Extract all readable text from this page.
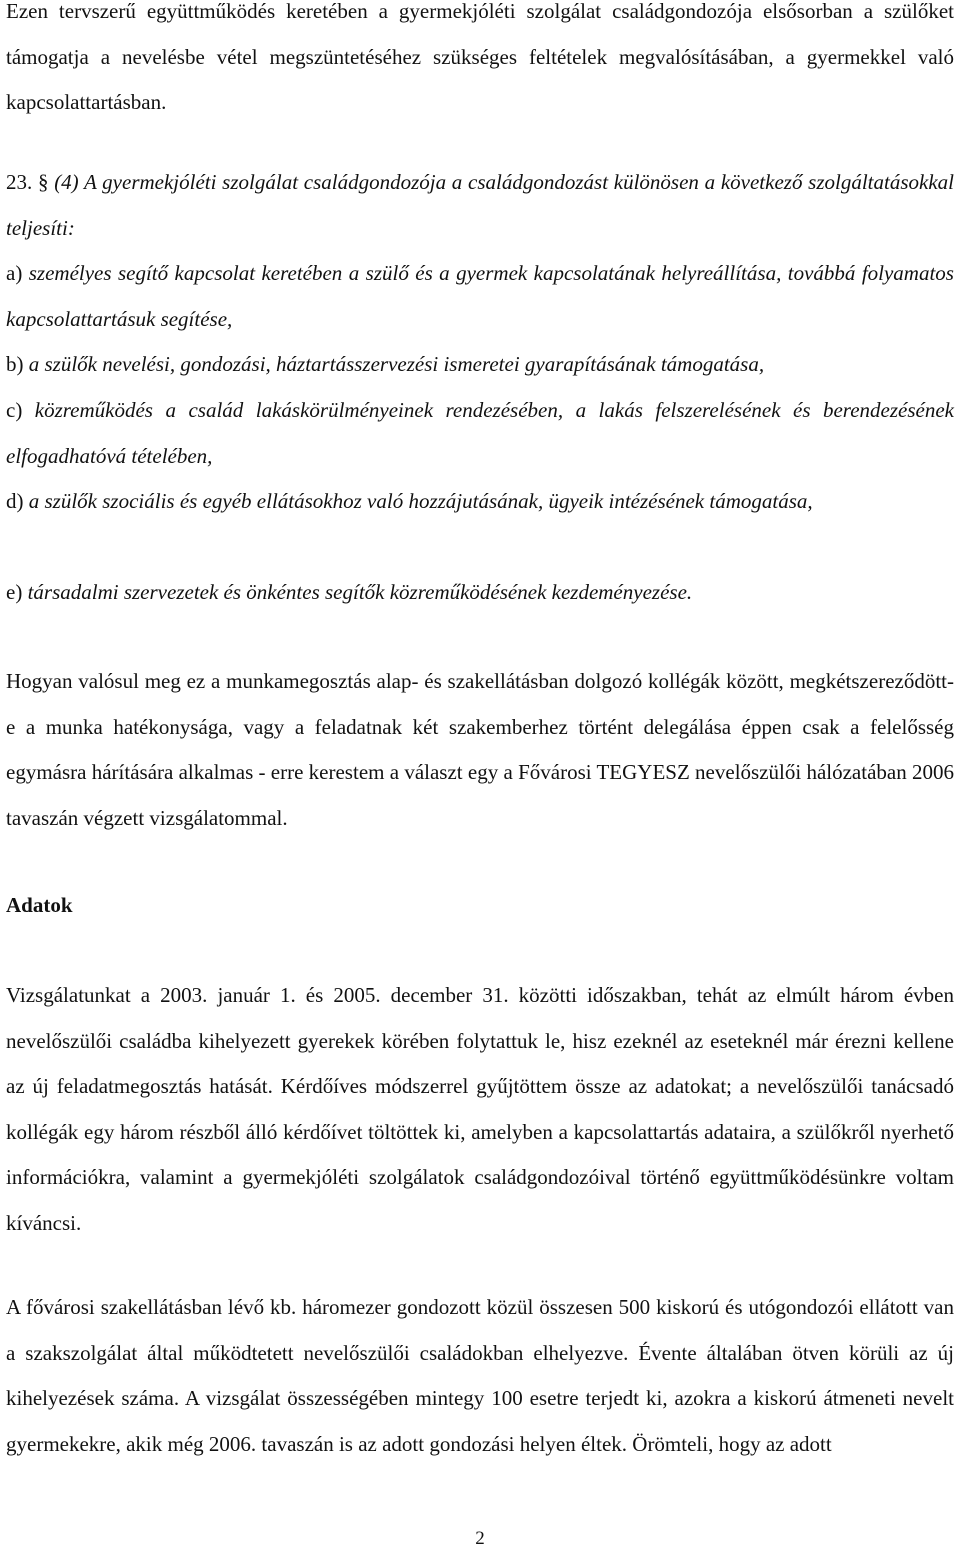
Ezen tervszerű együttműködés keretében a gyermekjóléti szolgálat családgondozója elsősorban a szülőket támogatja a nevelésbe vétel megszüntetéséhez szükséges feltételek megvalósításában, a gyermekkel való kapcsolattartásban.

23. § (4) A gyermekjóléti szolgálat családgondozója a családgondozást különösen a következő szolgáltatásokkal teljesíti:

a) személyes segítő kapcsolat keretében a szülő és a gyermek kapcsolatának helyreállítása, továbbá folyamatos kapcsolattartásuk segítése,

b) a szülők nevelési, gondozási, háztartásszervezési ismeretei gyarapításának támogatása,

c) közreműködés a család lakáskörülményeinek rendezésében, a lakás felszerelésének és berendezésének elfogadhatóvá tételében,

d) a szülők szociális és egyéb ellátásokhoz való hozzájutásának, ügyeik intézésének támogatása,

e) társadalmi szervezetek és önkéntes segítők közreműködésének kezdeményezése.

Hogyan valósul meg ez a munkamegosztás alap- és szakellátásban dolgozó kollégák között, megkétszereződött-e a munka hatékonysága, vagy a feladatnak két szakemberhez történt delegálása éppen csak a felelősség egymásra hárítására alkalmas - erre kerestem a választ egy a Fővárosi TEGYESZ nevelőszülői hálózatában 2006 tavaszán végzett vizsgálatommal.

Adatok

Vizsgálatunkat a 2003. január 1. és 2005. december 31. közötti időszakban, tehát az elmúlt három évben nevelőszülői családba kihelyezett gyerekek körében folytattuk le, hisz ezeknél az eseteknél már érezni kellene az új feladatmegosztás hatását. Kérdőíves módszerrel gyűjtöttem össze az adatokat; a nevelőszülői tanácsadó kollégák egy három részből álló kérdőívet töltöttek ki, amelyben a kapcsolattartás adataira, a szülőkről nyerhető információkra, valamint a gyermekjóléti szolgálatok családgondozóival történő együttműködésünkre voltam kíváncsi.

A fővárosi szakellátásban lévő kb. háromezer gondozott közül összesen 500 kiskorú és utógondozói ellátott van a szakszolgálat által működtetett nevelőszülői családokban elhelyezve. Évente általában ötven körüli az új kihelyezések száma. A vizsgálat összességében mintegy 100 esetre terjedt ki, azokra a kiskorú átmeneti nevelt gyermekekre, akik még 2006. tavaszán is az adott gondozási helyen éltek. Örömteli, hogy az adott

2
